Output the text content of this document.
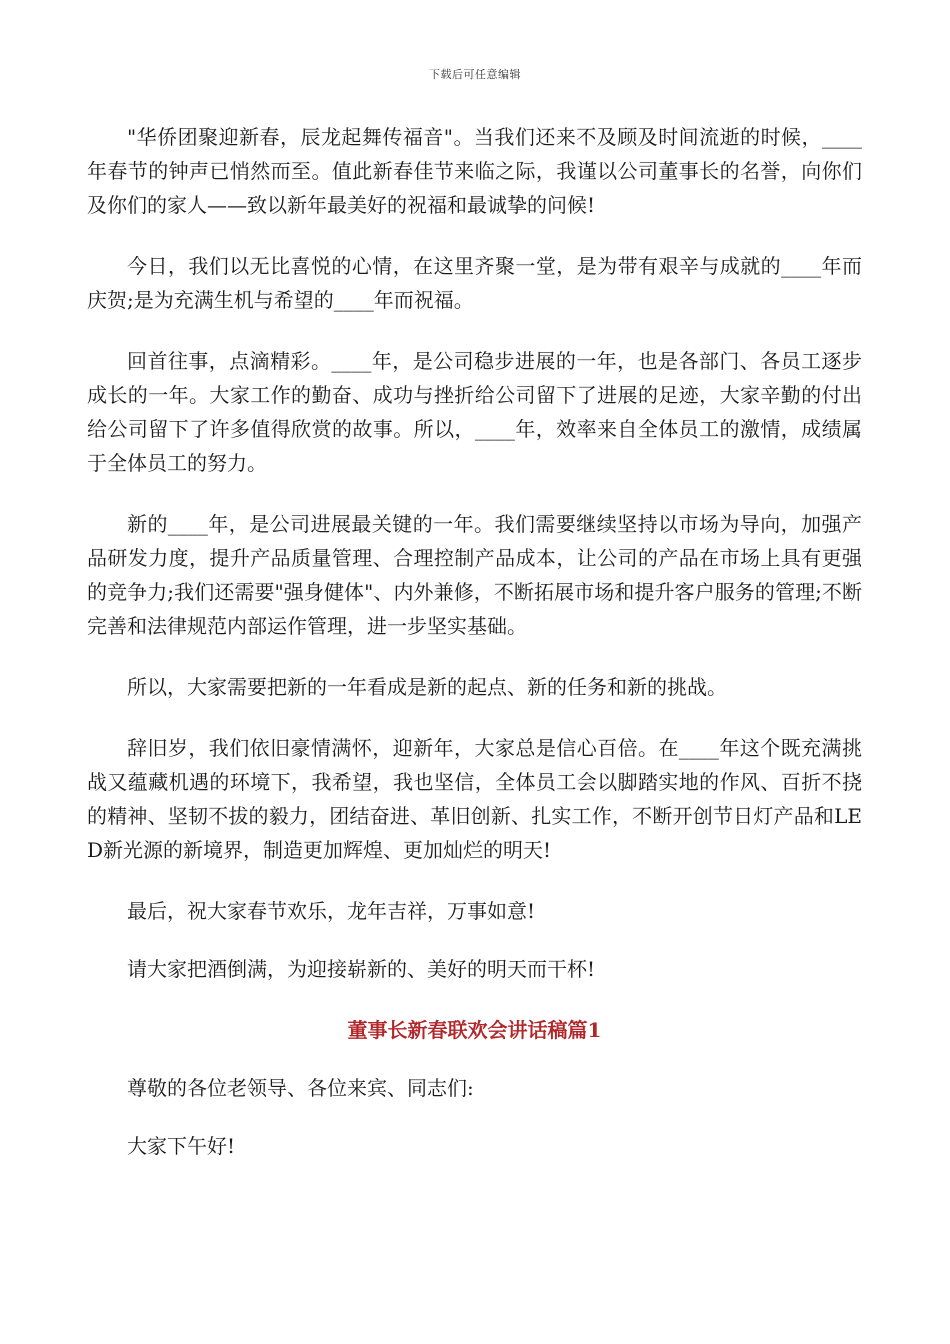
下载后可任意编辑

"华侨团聚迎新春，辰龙起舞传福音"。当我们还来不及顾及时间流逝的时候，____年春节的钟声已悄然而至。值此新春佳节来临之际，我谨以公司董事长的名誉，向你们及你们的家人——致以新年最美好的祝福和最诚挚的问候!

今日，我们以无比喜悦的心情，在这里齐聚一堂，是为带有艰辛与成就的____年而庆贺;是为充满生机与希望的____年而祝福。

回首往事，点滴精彩。____年，是公司稳步进展的一年，也是各部门、各员工逐步成长的一年。大家工作的勤奋、成功与挫折给公司留下了进展的足迹，大家辛勤的付出给公司留下了许多值得欣赏的故事。所以，____年，效率来自全体员工的激情，成绩属于全体员工的努力。

新的____年，是公司进展最关键的一年。我们需要继续坚持以市场为导向，加强产品研发力度，提升产品质量管理、合理控制产品成本，让公司的产品在市场上具有更强的竞争力;我们还需要"强身健体"、内外兼修，不断拓展市场和提升客户服务的管理;不断完善和法律规范内部运作管理，进一步坚实基础。

所以，大家需要把新的一年看成是新的起点、新的任务和新的挑战。

辞旧岁，我们依旧豪情满怀，迎新年，大家总是信心百倍。在____年这个既充满挑战又蕴藏机遇的环境下，我希望，我也坚信，全体员工会以脚踏实地的作风、百折不挠的精神、坚韧不拔的毅力，团结奋进、革旧创新、扎实工作，不断开创节日灯产品和LED新光源的新境界，制造更加辉煌、更加灿烂的明天!

最后，祝大家春节欢乐，龙年吉祥，万事如意!

请大家把酒倒满，为迎接崭新的、美好的明天而干杯!

董事长新春联欢会讲话稿篇1

尊敬的各位老领导、各位来宾、同志们:

大家下午好!
